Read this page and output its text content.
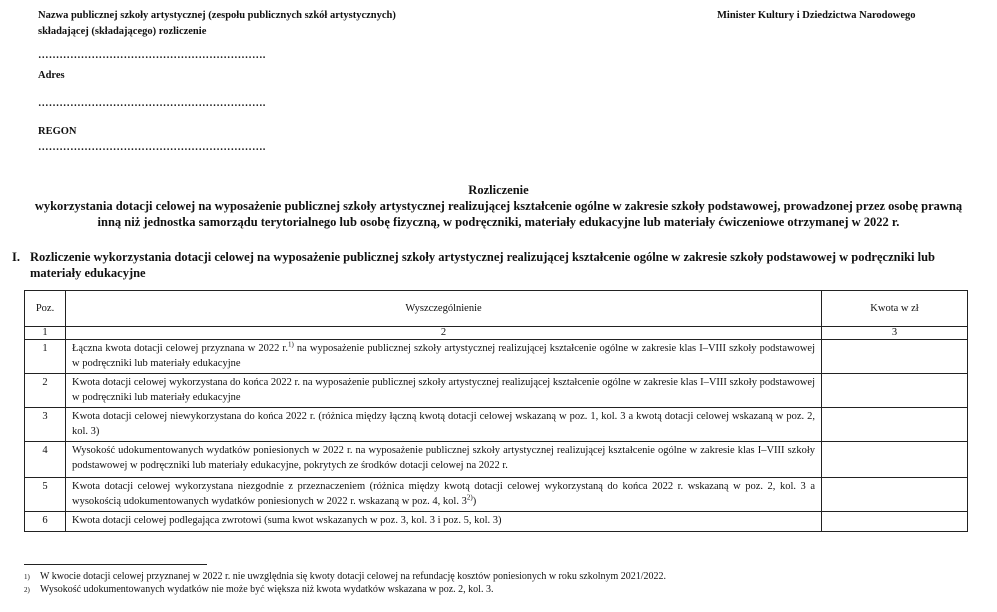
Nazwa publicznej szkoły artystycznej (zespołu publicznych szkół artystycznych)
składającej (składającego) rozliczenie
Minister Kultury i Dziedzictwa Narodowego
……………………………………………………….
Adres
……………………………………………………….
REGON
……………………………………………………….
Rozliczenie
wykorzystania dotacji celowej na wyposażenie publicznej szkoły artystycznej realizującej kształcenie ogólne w zakresie szkoły podstawowej, prowadzonej przez osobę prawną
inną niż jednostka samorządu terytorialnego lub osobę fizyczną, w podręczniki, materiały edukacyjne lub materiały ćwiczeniowe otrzymanej w 2022 r.
I. Rozliczenie wykorzystania dotacji celowej na wyposażenie publicznej szkoły artystycznej realizującej kształcenie ogólne w zakresie szkoły podstawowej w podręczniki lub
materiały edukacyjne
Poz.	Wyszczególnienie	Kwota w zł
1	2	3
1	Łączna kwota dotacji celowej przyznana w 2022 r.$^{1)}$ na wyposażenie publicznej szkoły artystycznej realizującej kształcenie ogólne w zakresie klas I–VIII szkoły podstawowej w podręczniki lub materiały edukacyjne	
2	Kwota dotacji celowej wykorzystana do końca 2022 r. na wyposażenie publicznej szkoły artystycznej realizującej kształcenie ogólne w zakresie klas I–VIII szkoły podstawowej w podręczniki lub materiały edukacyjne	
3	Kwota dotacji celowej niewykorzystana do końca 2022 r. (różnica między łączną kwotą dotacji celowej wskazaną w poz. 1, kol. 3 a kwotą dotacji celowej wskazaną w poz. 2, kol. 3)	
4	Wysokość udokumentowanych wydatków poniesionych w 2022 r. na wyposażenie publicznej szkoły artystycznej realizującej kształcenie ogólne w zakresie klas I–VIII szkoły podstawowej w podręczniki lub materiały edukacyjne, pokrytych ze środków dotacji celowej na 2022 r.	
5	Kwota dotacji celowej wykorzystana niezgodnie z przeznaczeniem (różnica między kwotą dotacji celowej wykorzystaną do końca 2022 r. wskazaną w poz. 2, kol. 3 a wysokością udokumentowanych wydatków poniesionych w 2022 r. wskazaną w poz. 4, kol. 3$^{2)}$)	
6	Kwota dotacji celowej podlegająca zwrotowi (suma kwot wskazanych w poz. 3, kol. 3 i poz. 5, kol. 3)	
1) W kwocie dotacji celowej przyznanej w 2022 r. nie uwzględnia się kwoty dotacji celowej na refundację kosztów poniesionych w roku szkolnym 2021/2022.
2) Wysokość udokumentowanych wydatków nie może być większa niż kwota wydatków wskazana w poz. 2, kol. 3.
